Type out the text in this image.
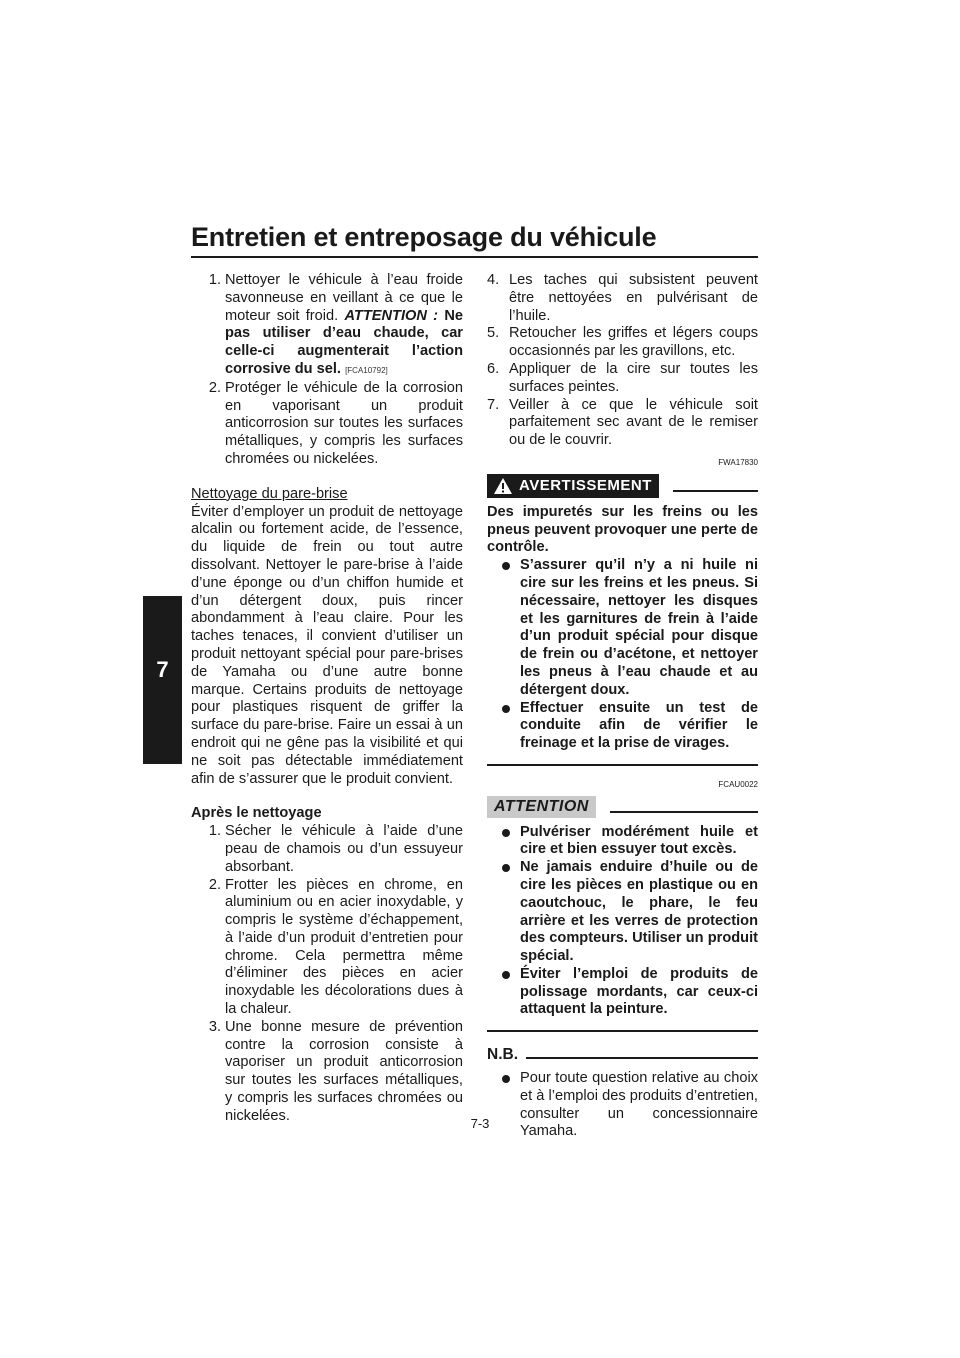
Entretien et entreposage du véhicule
7
1. Nettoyer le véhicule à l’eau froide savonneuse en veillant à ce que le moteur soit froid. ATTENTION : Ne pas utiliser d’eau chaude, car celle-ci augmenterait l’action corrosive du sel. [FCA10792]
2. Protéger le véhicule de la corrosion en vaporisant un produit anticorrosion sur toutes les surfaces métalliques, y compris les surfaces chromées ou nickelées.
Nettoyage du pare-brise
Éviter d’employer un produit de nettoyage alcalin ou fortement acide, de l’essence, du liquide de frein ou tout autre dissolvant. Nettoyer le pare-brise à l’aide d’une éponge ou d’un chiffon humide et d’un détergent doux, puis rincer abondamment à l’eau claire. Pour les taches tenaces, il convient d’utiliser un produit nettoyant spécial pour pare-brises de Yamaha ou d’une autre bonne marque. Certains produits de nettoyage pour plastiques risquent de griffer la surface du pare-brise. Faire un essai à un endroit qui ne gêne pas la visibilité et qui ne soit pas détectable immédiatement afin de s’assurer que le produit convient.
Après le nettoyage
1. Sécher le véhicule à l’aide d’une peau de chamois ou d’un essuyeur absorbant.
2. Frotter les pièces en chrome, en aluminium ou en acier inoxydable, y compris le système d’échappement, à l’aide d’un produit d’entretien pour chrome. Cela permettra même d’éliminer des pièces en acier inoxydable les décolorations dues à la chaleur.
3. Une bonne mesure de prévention contre la corrosion consiste à vaporiser un produit anticorrosion sur toutes les surfaces métalliques, y compris les surfaces chromées ou nickelées.
4. Les taches qui subsistent peuvent être nettoyées en pulvérisant de l’huile.
5. Retoucher les griffes et légers coups occasionnés par les gravillons, etc.
6. Appliquer de la cire sur toutes les surfaces peintes.
7. Veiller à ce que le véhicule soit parfaitement sec avant de le remiser ou de le couvrir.
FWA17830
AVERTISSEMENT
Des impuretés sur les freins ou les pneus peuvent provoquer une perte de contrôle.
S’assurer qu’il n’y a ni huile ni cire sur les freins et les pneus. Si nécessaire, nettoyer les disques et les garnitures de frein à l’aide d’un produit spécial pour disque de frein ou d’acétone, et nettoyer les pneus à l’eau chaude et au détergent doux.
Effectuer ensuite un test de conduite afin de vérifier le freinage et la prise de virages.
FCAU0022
ATTENTION
Pulvériser modérément huile et cire et bien essuyer tout excès.
Ne jamais enduire d’huile ou de cire les pièces en plastique ou en caoutchouc, le phare, le feu arrière et les verres de protection des compteurs. Utiliser un produit spécial.
Éviter l’emploi de produits de polissage mordants, car ceux-ci attaquent la peinture.
N.B.
Pour toute question relative au choix et à l’emploi des produits d’entretien, consulter un concessionnaire Yamaha.
7-3
